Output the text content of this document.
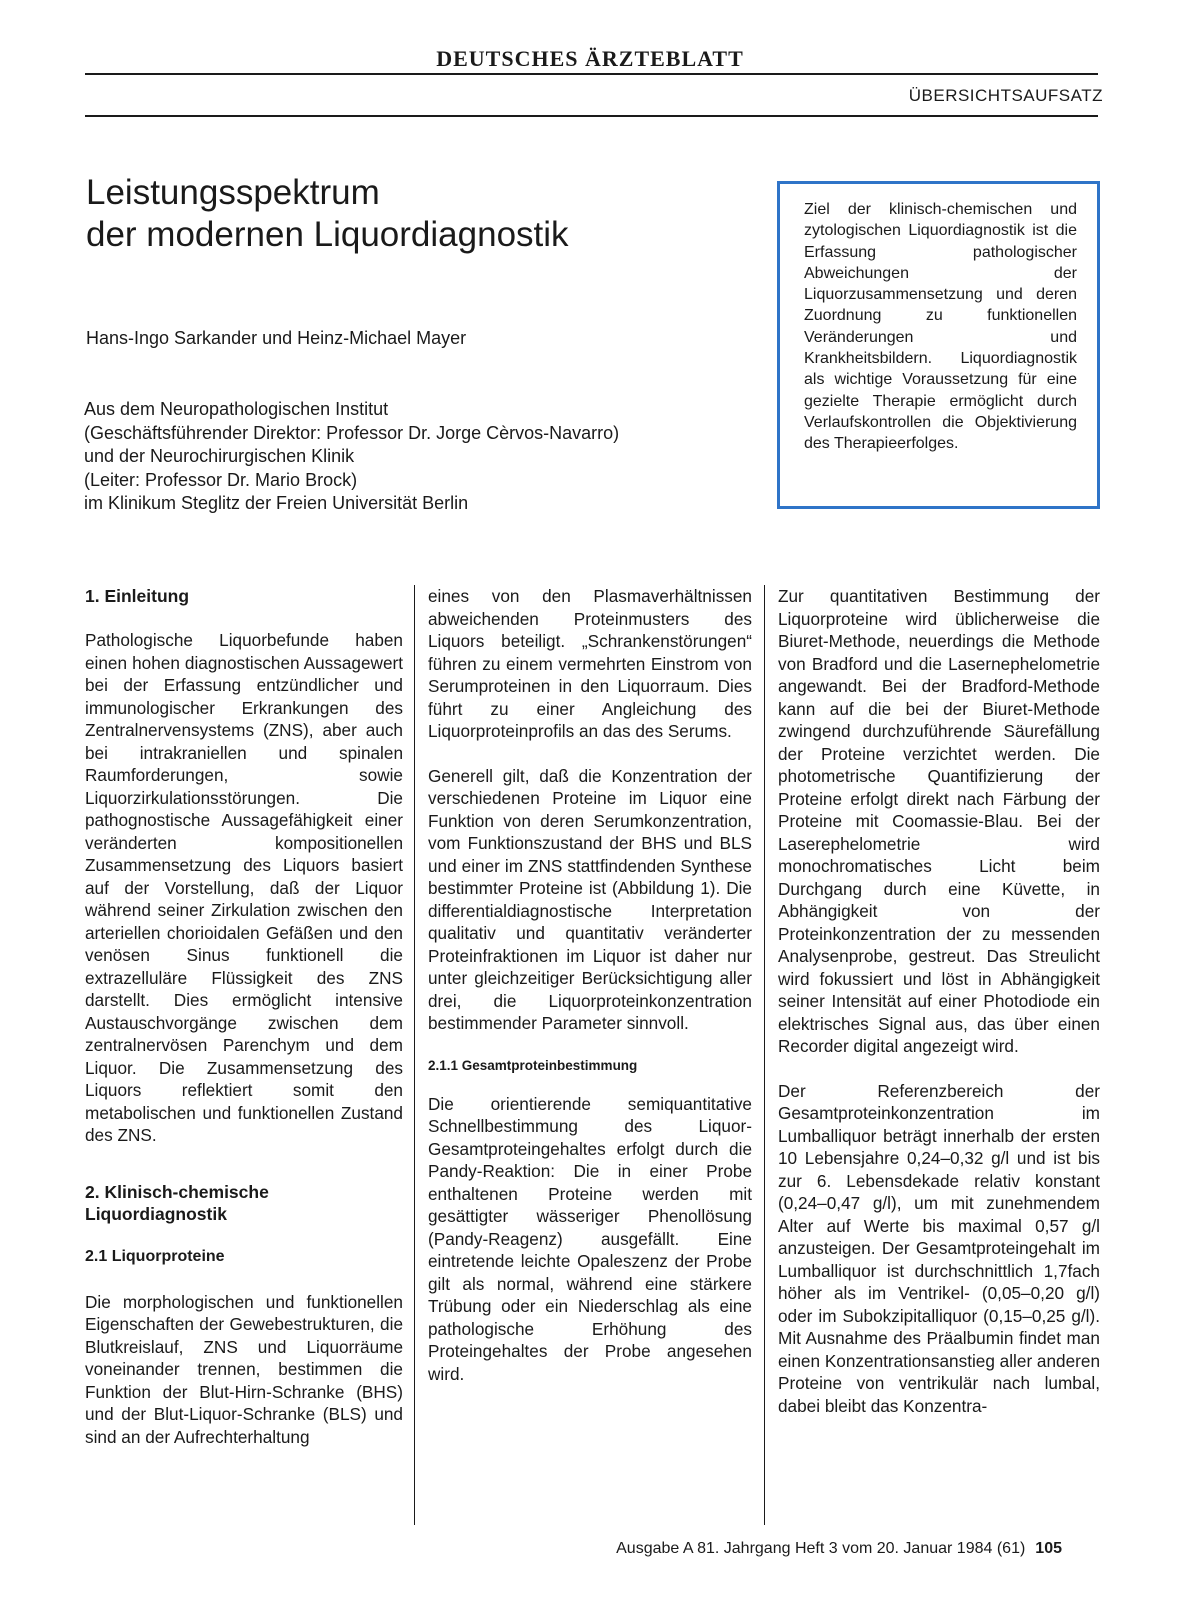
DEUTSCHES ÄRZTEBLATT
ÜBERSICHTSAUFSATZ
Leistungsspektrum
der modernen Liquordiagnostik
Hans-Ingo Sarkander und Heinz-Michael Mayer
Aus dem Neuropathologischen Institut
(Geschäftsführender Direktor: Professor Dr. Jorge Cèrvos-Navarro)
und der Neurochirurgischen Klinik
(Leiter: Professor Dr. Mario Brock)
im Klinikum Steglitz der Freien Universität Berlin
Ziel der klinisch-chemischen und zytologischen Liquordiagnostik ist die Erfassung pathologischer Abweichungen der Liquorzusammensetzung und deren Zuordnung zu funktionellen Veränderungen und Krankheitsbildern. Liquordiagnostik als wichtige Voraussetzung für eine gezielte Therapie ermöglicht durch Verlaufskontrollen die Objektivierung des Therapieerfolges.
1. Einleitung

Pathologische Liquorbefunde haben einen hohen diagnostischen Aussagewert bei der Erfassung entzündlicher und immunologischer Erkrankungen des Zentralnervensystems (ZNS), aber auch bei intrakraniellen und spinalen Raumforderungen, sowie Liquorzirkulationsstörungen. Die pathognostische Aussagefähigkeit einer veränderten kompositionellen Zusammensetzung des Liquors basiert auf der Vorstellung, daß der Liquor während seiner Zirkulation zwischen den arteriellen chorioidalen Gefäßen und den venösen Sinus funktionell die extrazelluläre Flüssigkeit des ZNS darstellt. Dies ermöglicht intensive Austauschvorgänge zwischen dem zentralnervösen Parenchym und dem Liquor. Die Zusammensetzung des Liquors reflektiert somit den metabolischen und funktionellen Zustand des ZNS.

2. Klinisch-chemische
Liquordiagnostik
2.1 Liquorproteine

Die morphologischen und funktionellen Eigenschaften der Gewebestrukturen, die Blutkreislauf, ZNS und Liquorräume voneinander trennen, bestimmen die Funktion der Blut-Hirn-Schranke (BHS) und der Blut-Liquor-Schranke (BLS) und sind an der Aufrechterhaltung

eines von den Plasmaverhältnissen abweichenden Proteinmusters des Liquors beteiligt. „Schrankenstörungen“ führen zu einem vermehrten Einstrom von Serumproteinen in den Liquorraum. Dies führt zu einer Angleichung des Liquorproteinprofils an das des Serums.

Generell gilt, daß die Konzentration der verschiedenen Proteine im Liquor eine Funktion von deren Serumkonzentration, vom Funktionszustand der BHS und BLS und einer im ZNS stattfindenden Synthese bestimmter Proteine ist (Abbildung 1). Die differentialdiagnostische Interpretation qualitativ und quantitativ veränderter Proteinfraktionen im Liquor ist daher nur unter gleichzeitiger Berücksichtigung aller drei, die Liquorproteinkonzentration bestimmender Parameter sinnvoll.

2.1.1 Gesamtproteinbestimmung

Die orientierende semiquantitative Schnellbestimmung des Liquor-Gesamtproteingehaltes erfolgt durch die Pandy-Reaktion: Die in einer Probe enthaltenen Proteine werden mit gesättigter wässeriger Phenollösung (Pandy-Reagenz) ausgefällt. Eine eintretende leichte Opaleszenz der Probe gilt als normal, während eine stärkere Trübung oder ein Niederschlag als eine pathologische Erhöhung des Proteingehaltes der Probe angesehen wird.

Zur quantitativen Bestimmung der Liquorproteine wird üblicherweise die Biuret-Methode, neuerdings die Methode von Bradford und die Lasernephelometrie angewandt. Bei der Bradford-Methode kann auf die bei der Biuret-Methode zwingend durchzuführende Säurefällung der Proteine verzichtet werden. Die photometrische Quantifizierung der Proteine erfolgt direkt nach Färbung der Proteine mit Coomassie-Blau. Bei der Laserephelometrie wird monochromatisches Licht beim Durchgang durch eine Küvette, in Abhängigkeit von der Proteinkonzentration der zu messenden Analysenprobe, gestreut. Das Streulicht wird fokussiert und löst in Abhängigkeit seiner Intensität auf einer Photodiode ein elektrisches Signal aus, das über einen Recorder digital angezeigt wird.

Der Referenzbereich der Gesamtproteinkonzentration im Lumballiquor beträgt innerhalb der ersten 10 Lebensjahre 0,24–0,32 g/l und ist bis zur 6. Lebensdekade relativ konstant (0,24–0,47 g/l), um mit zunehmendem Alter auf Werte bis maximal 0,57 g/l anzusteigen. Der Gesamtproteingehalt im Lumballiquor ist durchschnittlich 1,7fach höher als im Ventrikel- (0,05–0,20 g/l) oder im Subokzipitalliquor (0,15–0,25 g/l). Mit Ausnahme des Präalbumin findet man einen Konzentrationsanstieg aller anderen Proteine von ventrikulär nach lumbal, dabei bleibt das Konzentra-

Ausgabe A 81. Jahrgang Heft 3 vom 20. Januar 1984 (61) 105
